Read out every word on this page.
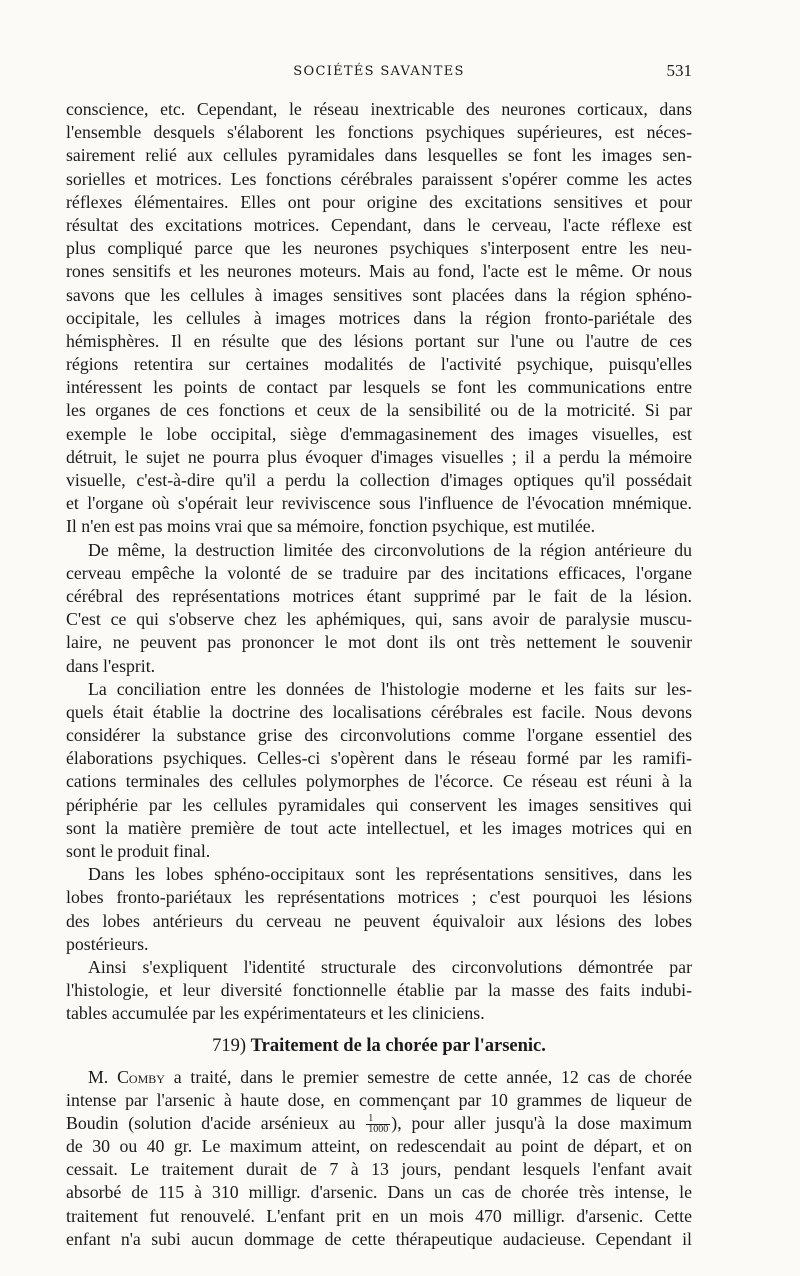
SOCIÉTÉS SAVANTES	531
conscience, etc. Cependant, le réseau inextricable des neurones corticaux, dans
l'ensemble desquels s'élaborent les fonctions psychiques supérieures, est néces-
sairement relié aux cellules pyramidales dans lesquelles se font les images sen-
sorielles et motrices. Les fonctions cérébrales paraissent s'opérer comme les actes
réflexes élémentaires. Elles ont pour origine des excitations sensitives et pour
résultat des excitations motrices. Cependant, dans le cerveau, l'acte réflexe est
plus compliqué parce que les neurones psychiques s'interposent entre les neu-
rones sensitifs et les neurones moteurs. Mais au fond, l'acte est le même. Or nous
savons que les cellules à images sensitives sont placées dans la région sphéno-
occipitale, les cellules à images motrices dans la région fronto-pariétale des
hémisphères. Il en résulte que des lésions portant sur l'une ou l'autre de ces
régions retentira sur certaines modalités de l'activité psychique, puisqu'elles
intéressent les points de contact par lesquels se font les communications entre
les organes de ces fonctions et ceux de la sensibilité ou de la motricité. Si par
exemple le lobe occipital, siège d'emmagasinement des images visuelles, est
détruit, le sujet ne pourra plus évoquer d'images visuelles ; il a perdu la mémoire
visuelle, c'est-à-dire qu'il a perdu la collection d'images optiques qu'il possédait
et l'organe où s'opérait leur reviviscence sous l'influence de l'évocation mnémique.
Il n'en est pas moins vrai que sa mémoire, fonction psychique, est mutilée.
De même, la destruction limitée des circonvolutions de la région antérieure du
cerveau empêche la volonté de se traduire par des incitations efficaces, l'organe
cérébral des représentations motrices étant supprimé par le fait de la lésion.
C'est ce qui s'observe chez les aphémiques, qui, sans avoir de paralysie muscu-
laire, ne peuvent pas prononcer le mot dont ils ont très nettement le souvenir
dans l'esprit.
La conciliation entre les données de l'histologie moderne et les faits sur les-
quels était établie la doctrine des localisations cérébrales est facile. Nous devons
considérer la substance grise des circonvolutions comme l'organe essentiel des
élaborations psychiques. Celles-ci s'opèrent dans le réseau formé par les ramifi-
cations terminales des cellules polymorphes de l'écorce. Ce réseau est réuni à la
périphérie par les cellules pyramidales qui conservent les images sensitives qui
sont la matière première de tout acte intellectuel, et les images motrices qui en
sont le produit final.
Dans les lobes sphéno-occipitaux sont les représentations sensitives, dans les
lobes fronto-pariétaux les représentations motrices ; c'est pourquoi les lésions
des lobes antérieurs du cerveau ne peuvent équivaloir aux lésions des lobes
postérieurs.
Ainsi s'expliquent l'identité structurale des circonvolutions démontrée par
l'histologie, et leur diversité fonctionnelle établie par la masse des faits indubi-
tables accumulée par les expérimentateurs et les cliniciens.
719) Traitement de la chorée par l'arsenic.
M. Comby a traité, dans le premier semestre de cette année, 12 cas de chorée
intense par l'arsenic à haute dose, en commençant par 10 grammes de liqueur de
Boudin (solution d'acide arsénieux au $\frac{1}{1000}$ ), pour aller jusqu'à la dose maximum
de 30 ou 40 gr. Le maximum atteint, on redescendait au point de départ, et on
cessait. Le traitement durait de 7 à 13 jours, pendant lesquels l'enfant avait
absorbé de 115 à 310 milligr. d'arsenic. Dans un cas de chorée très intense, le
traitement fut renouvelé. L'enfant prit en un mois 470 milligr. d'arsenic. Cette
enfant n'a subi aucun dommage de cette thérapeutique audacieuse. Cependant il
